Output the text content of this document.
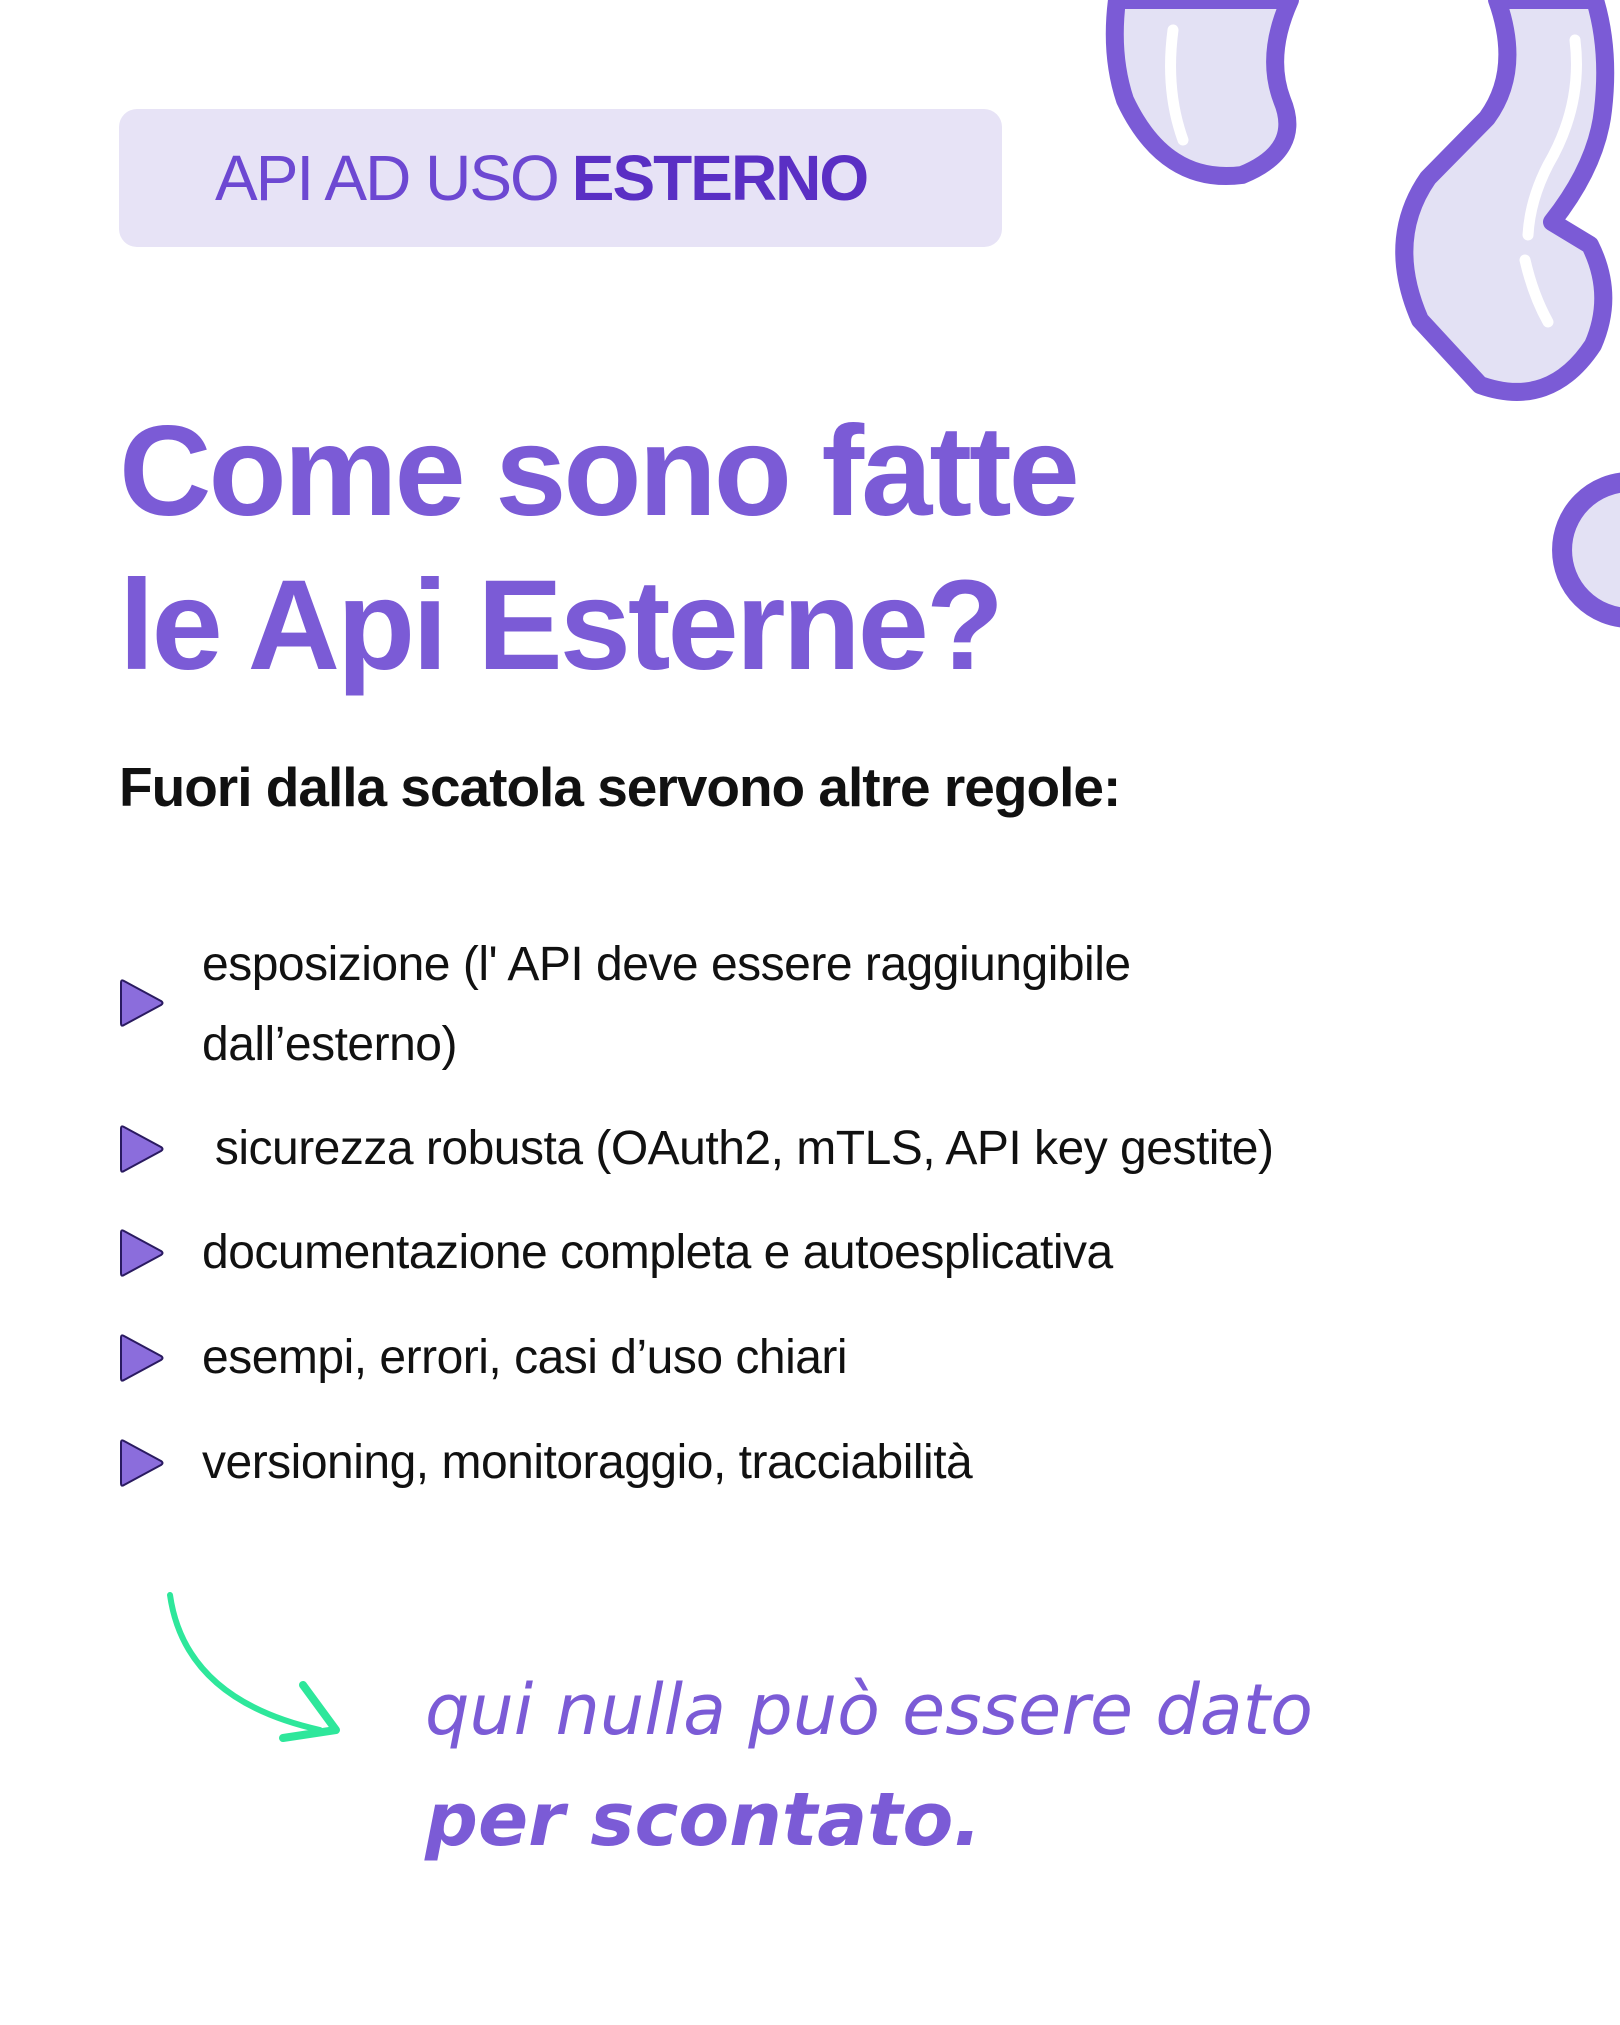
API AD USO ESTERNO
Come sono fatte
le Api Esterne?

Fuori dalla scatola servono altre regole:

esposizione (l' API deve essere raggiungibile dall’esterno)
sicurezza robusta (OAuth2, mTLS, API key gestite)
documentazione completa e autoesplicativa
esempi, errori, casi d’uso chiari
versioning, monitoraggio, tracciabilità

qui nulla può essere dato
per scontato.
